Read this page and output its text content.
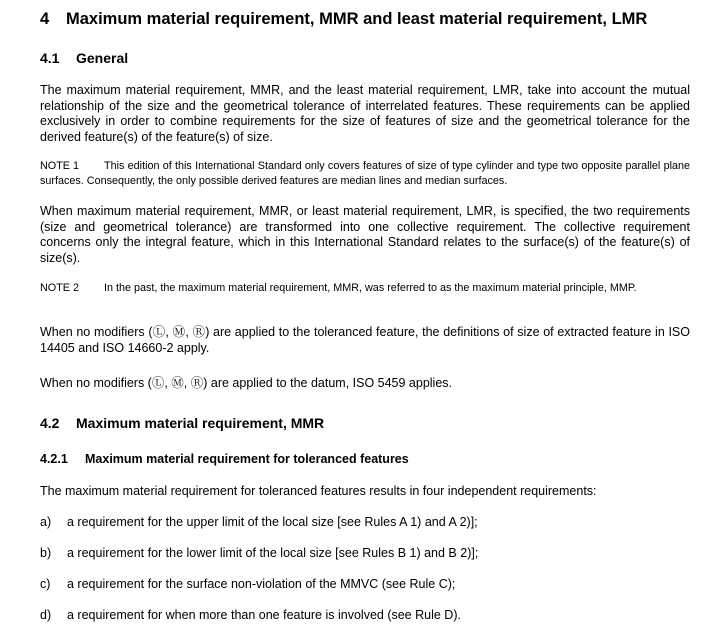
4 Maximum material requirement, MMR and least material requirement, LMR
4.1 General

The maximum material requirement, MMR, and the least material requirement, LMR, take into account the mutual relationship of the size and the geometrical tolerance of interrelated features. These requirements can be applied exclusively in order to combine requirements for the size of features of size and the geometrical tolerance for the derived feature(s) of the feature(s) of size.

NOTE 1 This edition of this International Standard only covers features of size of type cylinder and type two opposite parallel plane surfaces. Consequently, the only possible derived features are median lines and median surfaces.

When maximum material requirement, MMR, or least material requirement, LMR, is specified, the two requirements (size and geometrical tolerance) are transformed into one collective requirement. The collective requirement concerns only the integral feature, which in this International Standard relates to the surface(s) of the feature(s) of size(s).

NOTE 2 In the past, the maximum material requirement, MMR, was referred to as the maximum material principle, MMP.

When no modifiers (Ⓛ, Ⓜ, Ⓡ) are applied to the toleranced feature, the definitions of size of extracted feature in ISO 14405 and ISO 14660-2 apply.

When no modifiers (Ⓛ, Ⓜ, Ⓡ) are applied to the datum, ISO 5459 applies.

4.2 Maximum material requirement, MMR
4.2.1 Maximum material requirement for toleranced features
The maximum material requirement for toleranced features results in four independent requirements:
a) a requirement for the upper limit of the local size [see Rules A 1) and A 2)];
b) a requirement for the lower limit of the local size [see Rules B 1) and B 2)];
c) a requirement for the surface non-violation of the MMVC (see Rule C);
d) a requirement for when more than one feature is involved (see Rule D).
